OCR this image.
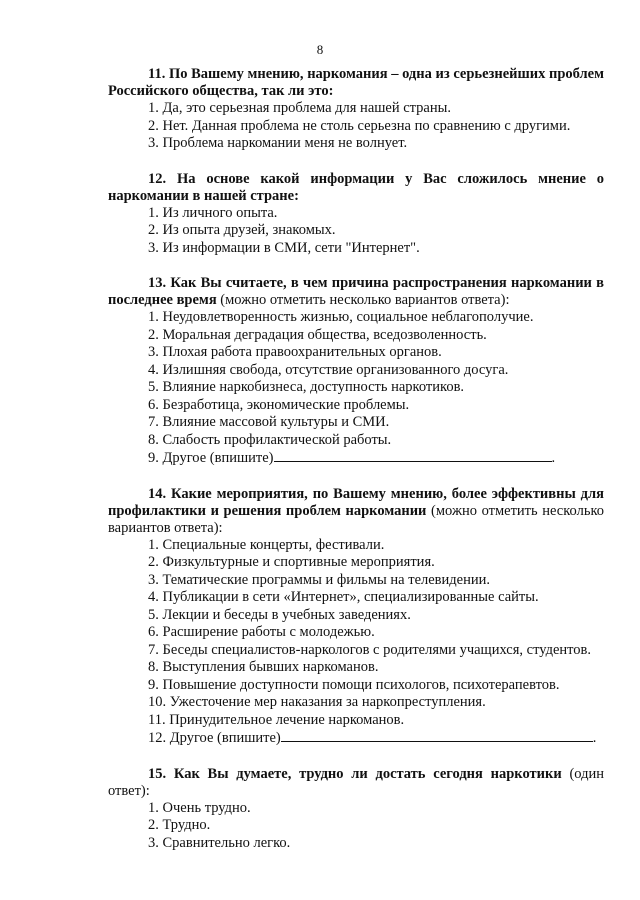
8

11. По Вашему мнению, наркомания – одна из серьезнейших проблем Российского общества, так ли это:

1. Да, это серьезная проблема для нашей страны.
2. Нет. Данная проблема не столь серьезна по сравнению с другими.
3. Проблема наркомании меня не волнует.

12. На основе какой информации у Вас сложилось мнение о наркомании в нашей стране:

1. Из личного опыта.
2. Из опыта друзей, знакомых.
3. Из информации в СМИ, сети "Интернет".

13. Как Вы считаете, в чем причина распространения наркомании в последнее время (можно отметить несколько вариантов ответа):

1. Неудовлетворенность жизнью, социальное неблагополучие.
2. Моральная деградация общества, вседозволенность.
3. Плохая работа правоохранительных органов.
4. Излишняя свобода, отсутствие организованного досуга.
5. Влияние наркобизнеса, доступность наркотиков.
6. Безработица, экономические проблемы.
7. Влияние массовой культуры и СМИ.
8. Слабость профилактической работы.
9. Другое (впишите)	.

14. Какие мероприятия, по Вашему мнению, более эффективны для профилактики и решения проблем наркомании (можно отметить несколько вариантов ответа):

1. Специальные концерты, фестивали.
2. Физкультурные и спортивные мероприятия.
3. Тематические программы и фильмы на телевидении.
4. Публикации в сети «Интернет», специализированные сайты.
5. Лекции и беседы в учебных заведениях.
6. Расширение работы с молодежью.
7. Беседы специалистов-наркологов с родителями учащихся, студентов.
8. Выступления бывших наркоманов.
9. Повышение доступности помощи психологов, психотерапевтов.
10. Ужесточение мер наказания за наркопреступления.
11. Принудительное лечение наркоманов.
12. Другое (впишите)	.

15. Как Вы думаете, трудно ли достать сегодня наркотики (один ответ):

1. Очень трудно.
2. Трудно.
3. Сравнительно легко.
